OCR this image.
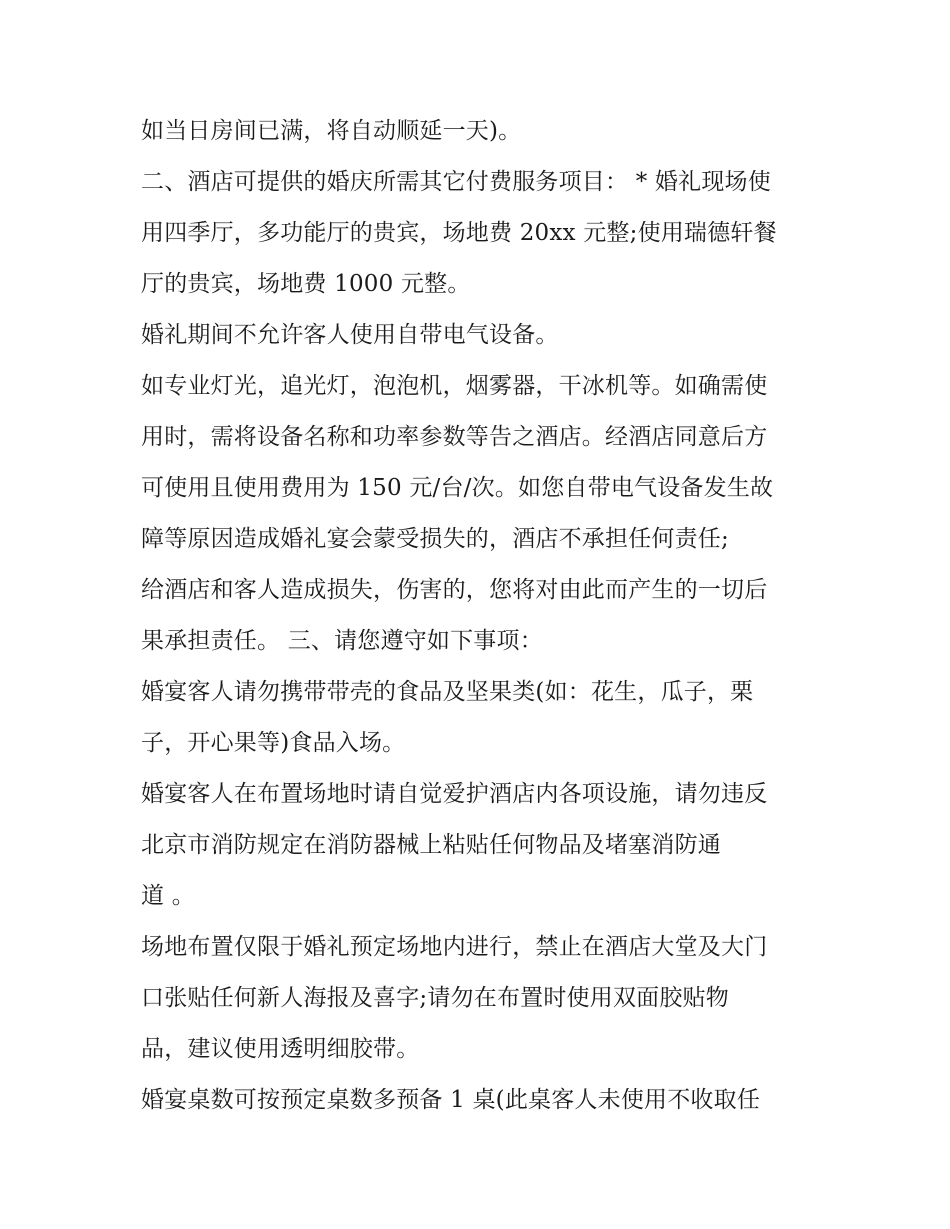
如当日房间已满，将自动顺延一天)。
二、酒店可提供的婚庆所需其它付费服务项目： * 婚礼现场使
用四季厅，多功能厅的贵宾，场地费 20xx 元整;使用瑞德轩餐
厅的贵宾，场地费 1000 元整。
婚礼期间不允许客人使用自带电气设备。
如专业灯光，追光灯，泡泡机，烟雾器，干冰机等。如确需使
用时，需将设备名称和功率参数等告之酒店。经酒店同意后方
可使用且使用费用为 150 元/台/次。如您自带电气设备发生故
障等原因造成婚礼宴会蒙受损失的，酒店不承担任何责任;
给酒店和客人造成损失，伤害的，您将对由此而产生的一切后
果承担责任。 三、请您遵守如下事项：
婚宴客人请勿携带带壳的食品及坚果类(如：花生，瓜子，栗
子，开心果等)食品入场。
婚宴客人在布置场地时请自觉爱护酒店内各项设施，请勿违反
北京市消防规定在消防器械上粘贴任何物品及堵塞消防通
道 。
场地布置仅限于婚礼预定场地内进行，禁止在酒店大堂及大门
口张贴任何新人海报及喜字;请勿在布置时使用双面胶贴物
品，建议使用透明细胶带。
婚宴桌数可按预定桌数多预备 1 桌(此桌客人未使用不收取任
